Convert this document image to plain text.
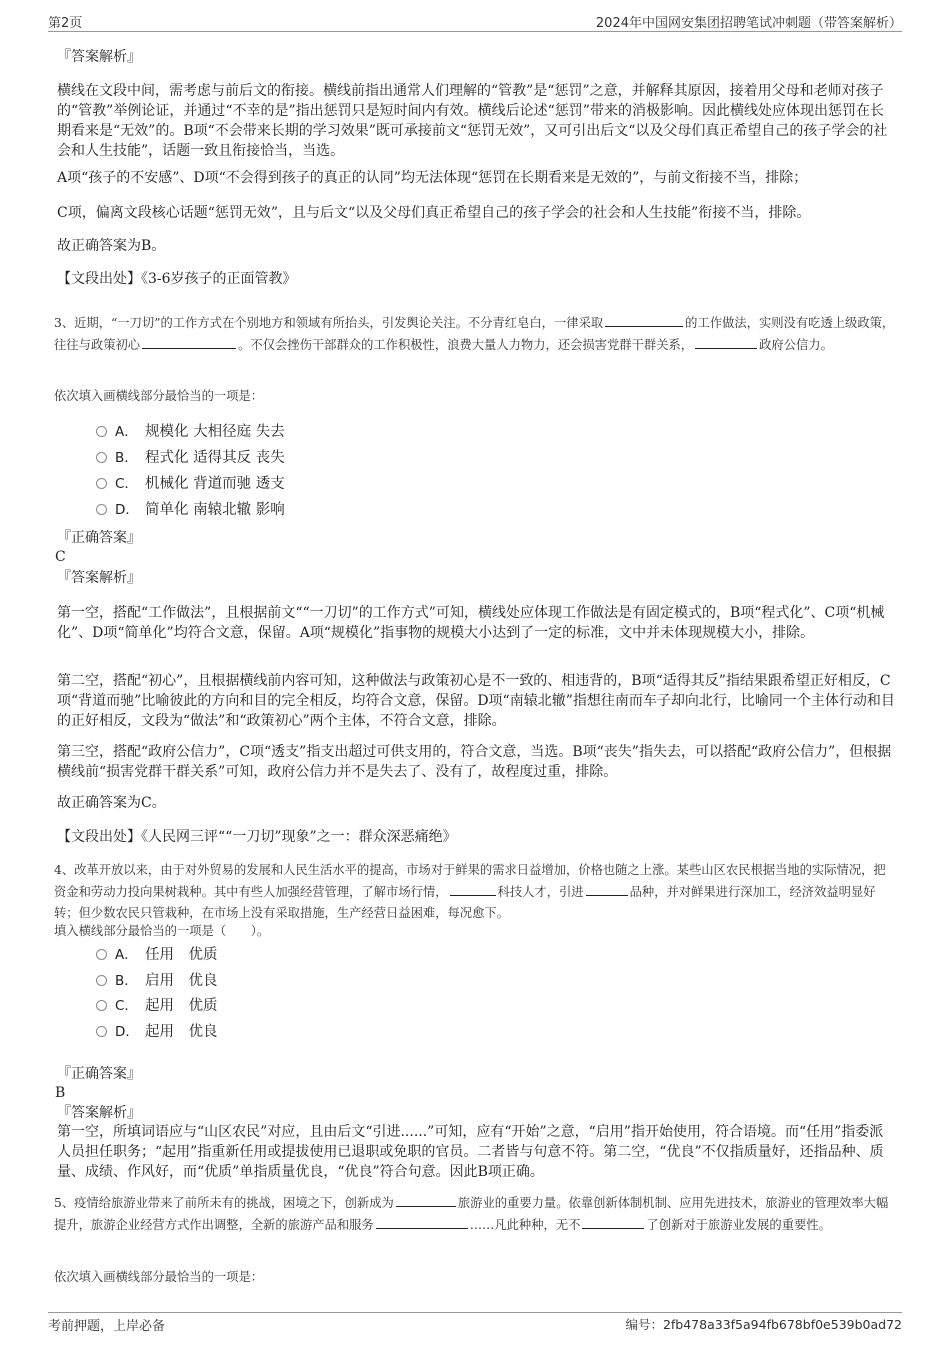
第2页	2024年中国网安集团招聘笔试冲刺题（带答案解析）

『答案解析』

横线在文段中间，需考虑与前后文的衔接。横线前指出通常人们理解的“管教”是“惩罚”之意，并解释其原因，接着用父母和老师对孩子的“管教”举例论证，并通过“不幸的是”指出惩罚只是短时间内有效。横线后论述“惩罚”带来的消极影响。因此横线处应体现出惩罚在长期看来是“无效”的。B项“不会带来长期的学习效果”既可承接前文“惩罚无效”，又可引出后文“以及父母们真正希望自己的孩子学会的社会和人生技能”，话题一致且衔接恰当，当选。

A项“孩子的不安感”、D项“不会得到孩子的真正的认同”均无法体现“惩罚在长期看来是无效的”，与前文衔接不当，排除；

C项，偏离文段核心话题“惩罚无效”，且与后文“以及父母们真正希望自己的孩子学会的社会和人生技能”衔接不当，排除。

故正确答案为B。

【文段出处】《3-6岁孩子的正面管教》

3、近期，“一刀切”的工作方式在个别地方和领域有所抬头，引发舆论关注。不分青红皂白，一律采取	的工作做法，实则没有吃透上级政策，往往与政策初心	。不仅会挫伤干部群众的工作积极性，浪费大量人力物力，还会损害党群干群关系，	政府公信力。

依次填入画横线部分最恰当的一项是：

A． 规模化 大相径庭 失去
B． 程式化 适得其反 丧失
C． 机械化 背道而驰 透支
D． 简单化 南辕北辙 影响

『正确答案』

C

『答案解析』

第一空，搭配“工作做法”，且根据前文““一刀切”的工作方式”可知，横线处应体现工作做法是有固定模式的，B项“程式化”、C项“机械化”、D项“简单化”均符合文意，保留。A项“规模化”指事物的规模大小达到了一定的标准，文中并未体现规模大小，排除。

第二空，搭配“初心”，且根据横线前内容可知，这种做法与政策初心是不一致的、相违背的，B项“适得其反”指结果跟希望正好相反，C项“背道而驰”比喻彼此的方向和目的完全相反，均符合文意，保留。D项“南辕北辙”指想往南而车子却向北行，比喻同一个主体行动和目的正好相反，文段为“做法”和“政策初心”两个主体，不符合文意，排除。

第三空，搭配“政府公信力”，C项“透支”指支出超过可供支用的，符合文意，当选。B项“丧失”指失去，可以搭配“政府公信力”，但根据横线前“损害党群干群关系”可知，政府公信力并不是失去了、没有了，故程度过重，排除。

故正确答案为C。

【文段出处】《人民网三评““一刀切”现象”之一：群众深恶痛绝》

4、改革开放以来，由于对外贸易的发展和人民生活水平的提高，市场对于鲜果的需求日益增加，价格也随之上涨。某些山区农民根据当地的实际情况，把资金和劳动力投向果树栽种。其中有些人加强经营管理，了解市场行情，	科技人才，引进	品种，并对鲜果进行深加工，经济效益明显好转；但少数农民只管栽种，在市场上没有采取措施，生产经营日益困难，每况愈下。

填入横线部分最恰当的一项是（　　）。

A． 任用　优质
B． 启用　优良
C． 起用　优质
D． 起用　优良

『正确答案』

B

『答案解析』

第一空，所填词语应与“山区农民”对应，且由后文“引进......”可知，应有“开始”之意，“启用”指开始使用，符合语境。而“任用”指委派人员担任职务；“起用”指重新任用或提拔使用已退职或免职的官员。二者皆与句意不符。第二空，“优良”不仅指质量好，还指品种、质量、成绩、作风好，而“优质”单指质量优良，“优良”符合句意。因此B项正确。

5、疫情给旅游业带来了前所未有的挑战，困境之下，创新成为	旅游业的重要力量。依靠创新体制机制、应用先进技术，旅游业的管理效率大幅提升，旅游企业经营方式作出调整，全新的旅游产品和服务	……凡此种种，无不	了创新对于旅游业发展的重要性。

依次填入画横线部分最恰当的一项是：

考前押题，上岸必备	编号：2fb478a33f5a94fb678bf0e539b0ad72
